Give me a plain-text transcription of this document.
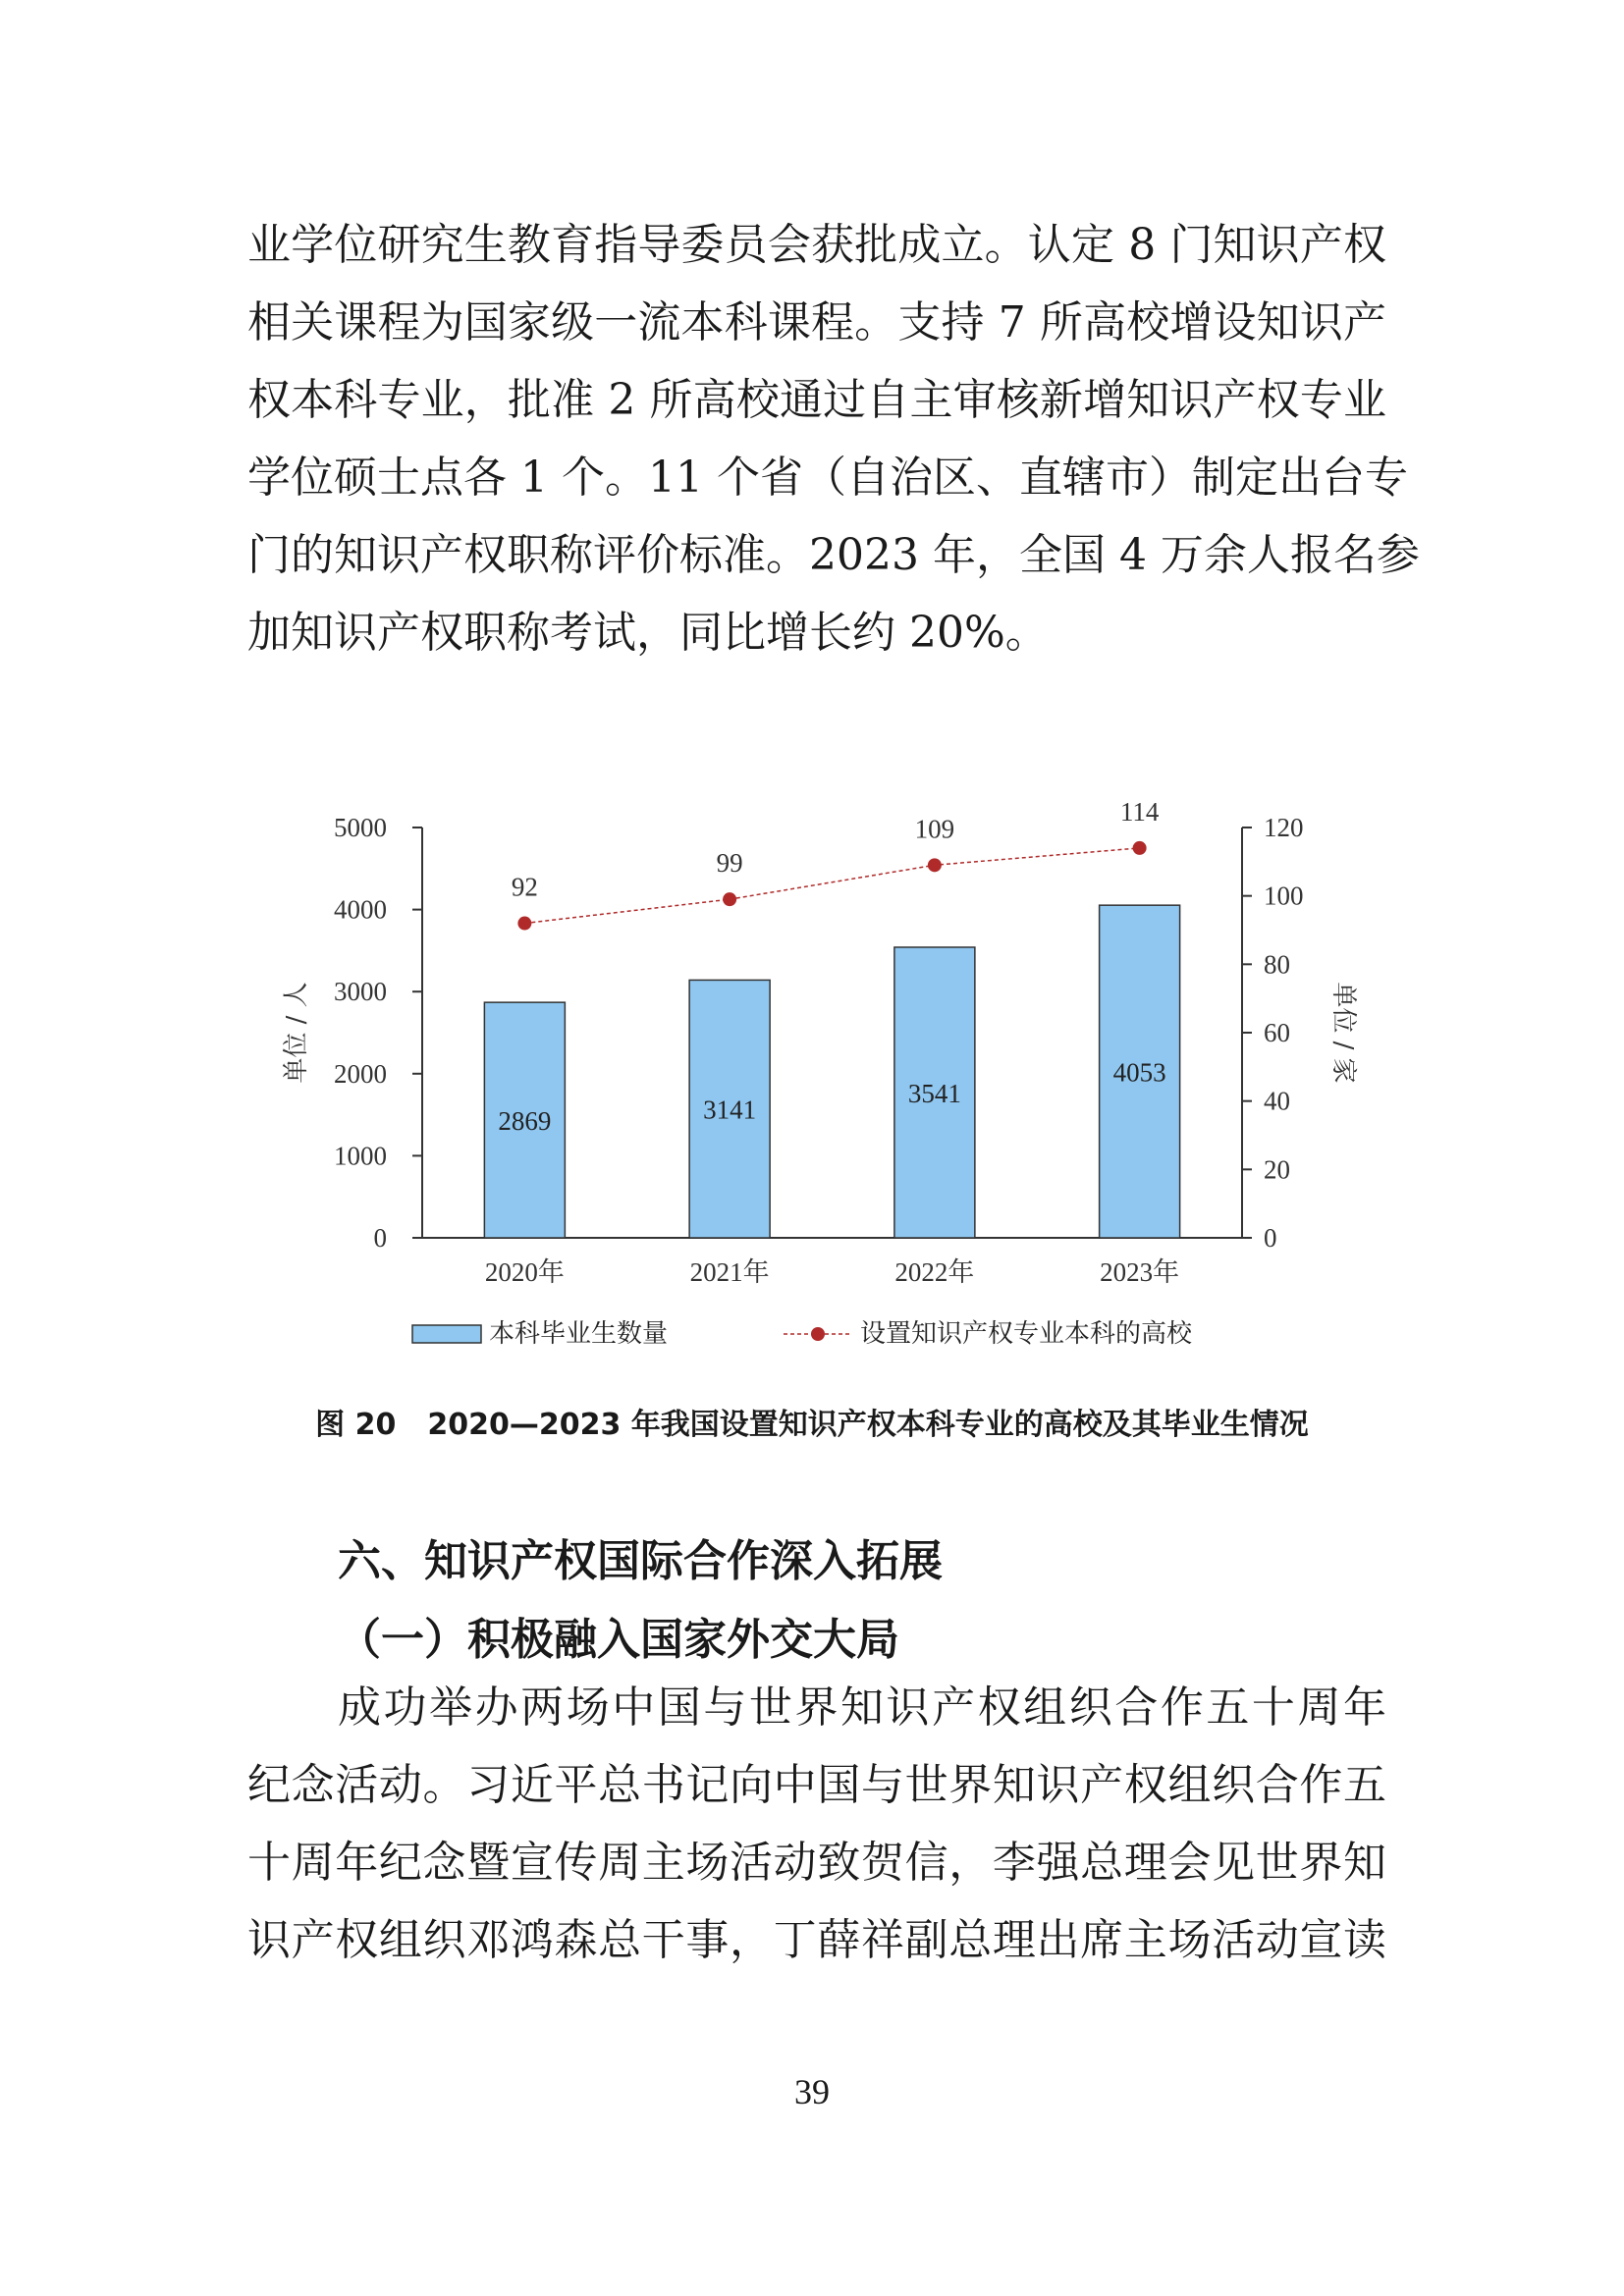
业学位研究生教育指导委员会获批成立。认定 8 门知识产权
相关课程为国家级一流本科课程。支持 7 所高校增设知识产
权本科专业，批准 2 所高校通过自主审核新增知识产权专业
学位硕士点各 1 个。11 个省（自治区、直辖市）制定出台专
门的知识产权职称评价标准。2023 年，全国 4 万余人报名参
加知识产权职称考试，同比增长约 20%。
0
1000
2000
3000
4000
5000
单位 / 人
0
20
40
60
80
100
120
单位 / 家
2869	3141
3541
4053
92
99
109
114
2020年	2021年	2022年	2023年
本科毕业生数量	设置知识产权专业本科的高校
图 20 2020—2023 年我国设置知识产权本科专业的高校及其毕业生情况
六、知识产权国际合作深入拓展
（一）积极融入国家外交大局
成功举办两场中国与世界知识产权组织合作五十周年
纪念活动。习近平总书记向中国与世界知识产权组织合作五
十周年纪念暨宣传周主场活动致贺信，李强总理会见世界知
识产权组织邓鸿森总干事，丁薛祥副总理出席主场活动宣读
39
